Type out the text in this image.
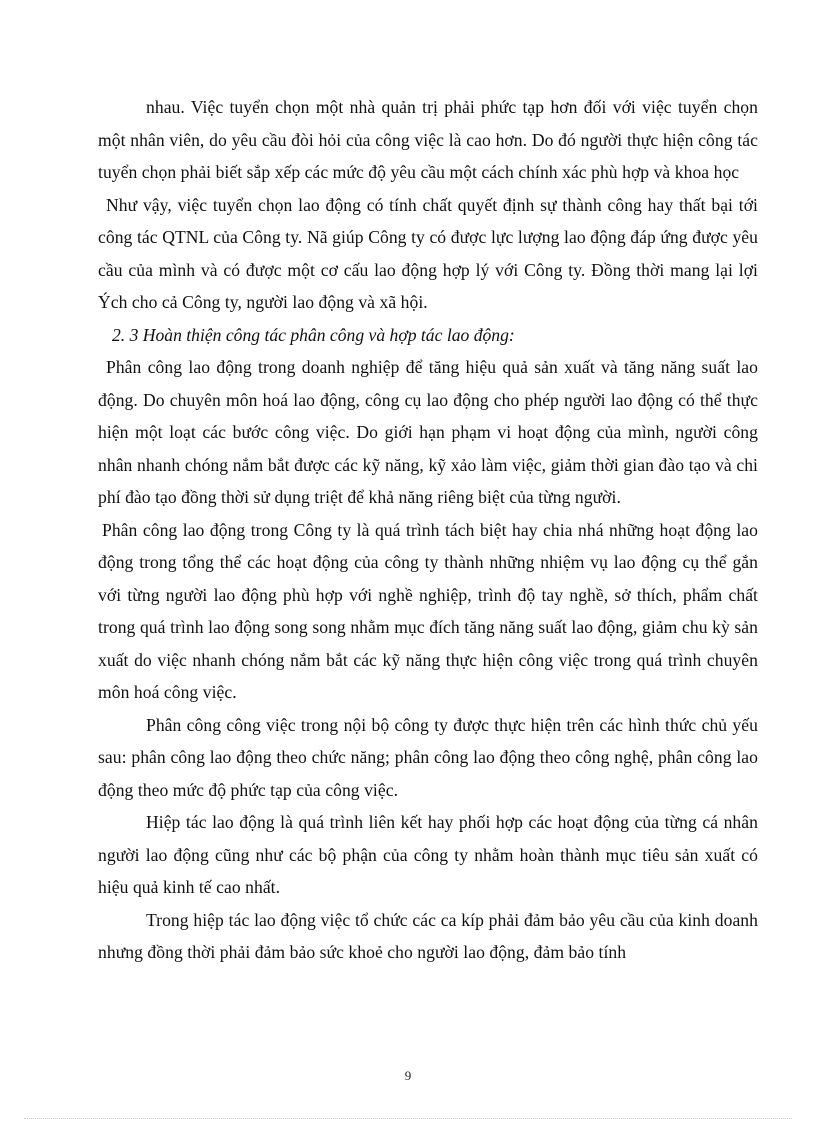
nhau. Việc tuyển chọn một nhà quản trị phải phức tạp hơn đối với việc tuyển chọn một nhân viên, do yêu cầu đòi hỏi của công việc là cao hơn. Do đó người thực hiện công tác tuyển chọn phải biết sắp xếp các mức độ yêu cầu một cách chính xác phù hợp và khoa học

Như vậy, việc tuyển chọn lao động có tính chất quyết định sự thành công hay thất bại tới công tác QTNL của Công ty. Nã giúp Công ty có được lực lượng lao động đáp ứng được yêu cầu của mình và có được một cơ cấu lao động hợp lý với Công ty. Đồng thời mang lại lợi Ých cho cả Công ty, người lao động và xã hội.

2. 3 Hoàn thiện công tác phân công và hợp tác lao động:

Phân công lao động trong doanh nghiệp để tăng hiệu quả sản xuất và tăng năng suất lao động. Do chuyên môn hoá lao động, công cụ lao động cho phép người lao động có thể thực hiện một loạt các bước công việc. Do giới hạn phạm vi hoạt động của mình, người công nhân nhanh chóng nắm bắt được các kỹ năng, kỹ xảo làm việc, giảm thời gian đào tạo và chi phí đào tạo đồng thời sử dụng triệt để khả năng riêng biệt của từng người.

Phân công lao động trong Công ty là quá trình tách biệt hay chia nhá những hoạt động lao động trong tổng thể các hoạt động của công ty thành những nhiệm vụ lao động cụ thể gắn với từng người lao động phù hợp với nghề nghiệp, trình độ tay nghề, sở thích, phẩm chất trong quá trình lao động song song nhằm mục đích tăng năng suất lao động, giảm chu kỳ sản xuất do việc nhanh chóng nắm bắt các kỹ năng thực hiện công việc trong quá trình chuyên môn hoá công việc.

Phân công công việc trong nội bộ công ty được thực hiện trên các hình thức chủ yếu sau: phân công lao động theo chức năng; phân công lao động theo công nghệ, phân công lao động theo mức độ phức tạp của công việc.

Hiệp tác lao động là quá trình liên kết hay phối hợp các hoạt động của từng cá nhân người lao động cũng như các bộ phận của công ty nhằm hoàn thành mục tiêu sản xuất có hiệu quả kinh tế cao nhất.

Trong hiệp tác lao động việc tổ chức các ca kíp phải đảm bảo yêu cầu của kinh doanh nhưng đồng thời phải đảm bảo sức khoẻ cho người lao động, đảm bảo tính

9
